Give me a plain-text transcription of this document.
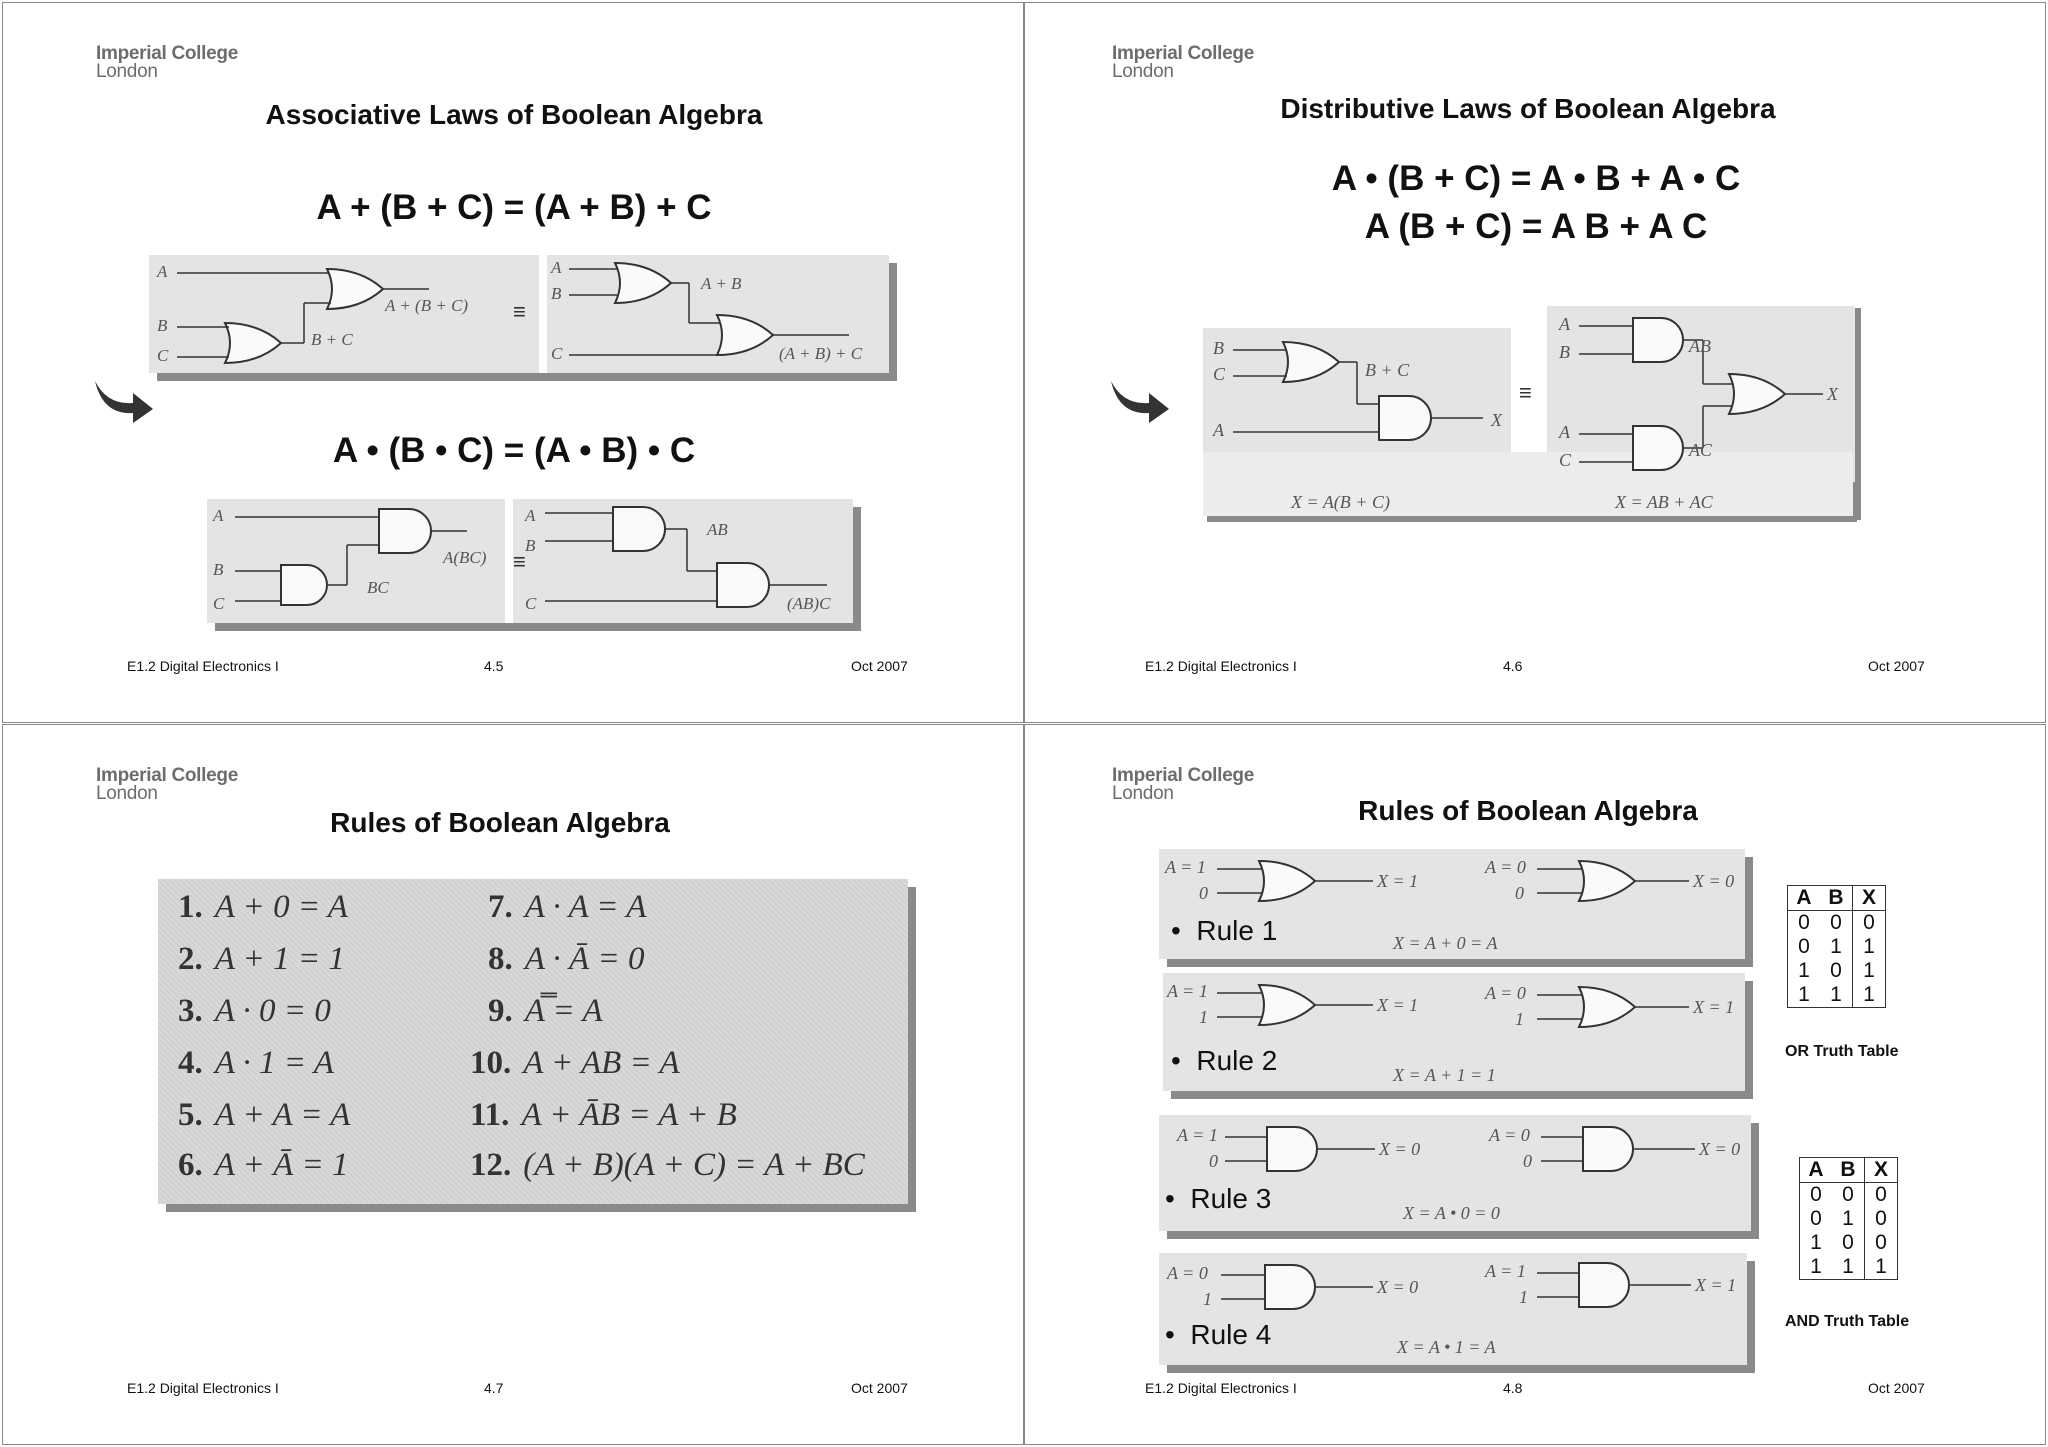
Imperial College
London
Associative Laws of Boolean Algebra
A + (B + C) = (A + B) + C
A
B
C
A + (B + C)
B + C
≡
A
B
C
A + B
(A + B) + C
A • (B • C) = (A • B) • C
A
B
C
A(BC)
BC
≡
A
B
C
AB
(AB)C
E1.2 Digital Electronics I	4.5	Oct 2007
Imperial College
London
Distributive Laws of Boolean Algebra
A • (B + C) = A • B + A • C
A (B + C) = A B + A C
B
C
A
B + C
X
X = A(B + C)
≡
A
B
A
C
AB
AC
X
X = AB + AC
E1.2 Digital Electronics I	4.6	Oct 2007
Imperial College
London
Rules of Boolean Algebra
1. A + 0 = A
2. A + 1 = 1
3. A · 0 = 0
4. A · 1 = A
5. A + A = A
6. A + Ā = 1
7. A · A = A
8. A · Ā = 0
9. A̿ = A
10. A + AB = A
11. A + ĀB = A + B
12. (A + B)(A + C) = A + BC
E1.2 Digital Electronics I	4.7	Oct 2007
Imperial College
London
Rules of Boolean Algebra
A = 1
0
X = 1
A = 0
0
X = 0
X = A + 0 = A
•  Rule 1
A = 1
1
X = 1
A = 0
1
X = 1
X = A + 1 = 1
•  Rule 2
A = 1
0
X = 0
A = 0
0
X = 0
X = A • 0 = 0
•  Rule 3
A = 0
1
X = 0
A = 1
1
X = 1
X = A • 1 = A
•  Rule 4
A	B	X
0	0	0
0	1	1
1	0	1
1	1	1
OR Truth Table
A	B	X
0	0	0
0	1	0
1	0	0
1	1	1
AND Truth Table
E1.2 Digital Electronics I	4.8	Oct 2007
